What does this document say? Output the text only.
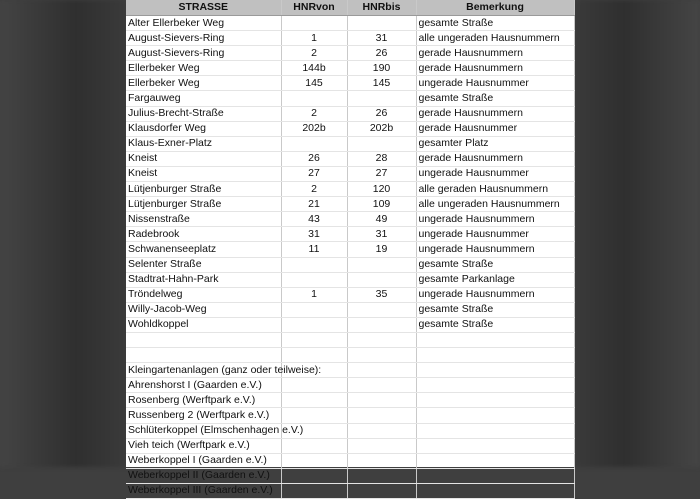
STRASSE	HNRvon	HNRbis	Bemerkung
Alter Ellerbeker Weg			gesamte Straße
August-Sievers-Ring	1	31	alle ungeraden Hausnummern
August-Sievers-Ring	2	26	gerade Hausnummern
Ellerbeker Weg	144b	190	gerade Hausnummern
Ellerbeker Weg	145	145	ungerade Hausnummer
Fargauweg			gesamte Straße
Julius-Brecht-Straße	2	26	gerade Hausnummern
Klausdorfer Weg	202b	202b	gerade Hausnummer
Klaus-Exner-Platz			gesamter Platz
Kneist	26	28	gerade Hausnummern
Kneist	27	27	ungerade Hausnummer
Lütjenburger Straße	2	120	alle geraden Hausnummern
Lütjenburger Straße	21	109	alle ungeraden Hausnummern
Nissenstraße	43	49	ungerade Hausnummern
Radebrook	31	31	ungerade Hausnummer
Schwanenseeplatz	11	19	ungerade Hausnummern
Selenter Straße			gesamte Straße
Stadtrat-Hahn-Park			gesamte Parkanlage
Tröndelweg	1	35	ungerade Hausnummern
Willy-Jacob-Weg			gesamte Straße
Wohldkoppel			gesamte Straße

Kleingartenanlagen (ganz oder teilweise):			
Ahrenshorst I (Gaarden e.V.)			
Rosenberg (Werftpark e.V.)			
Russenberg 2 (Werftpark e.V.)			
Schlüterkoppel (Elmschenhagen e.V.)			
Vieh teich (Werftpark e.V.)			
Weberkoppel I (Gaarden e.V.)			
Weberkoppel II (Gaarden e.V.)			
Weberkoppel III (Gaarden e.V.)			
